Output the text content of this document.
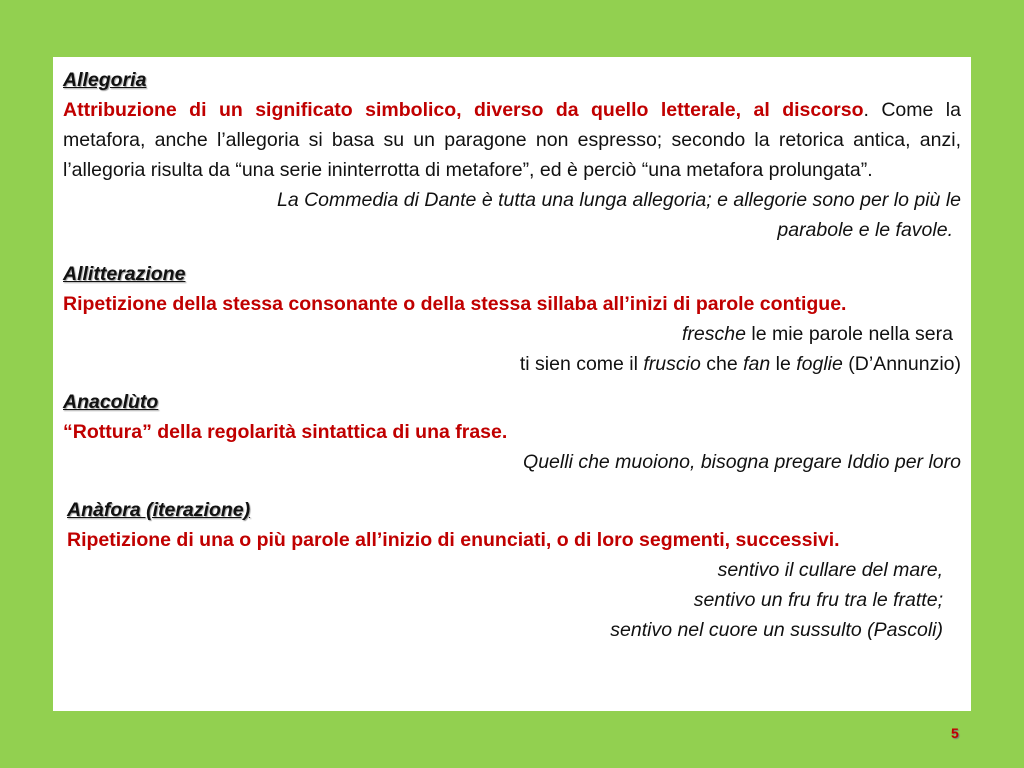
Allegoria
Attribuzione di un significato simbolico, diverso da quello letterale, al discorso. Come la metafora, anche l’allegoria si basa su un paragone non espresso; secondo la retorica antica, anzi, l’allegoria risulta da “una serie ininterrotta di metafore”, ed è perciò “una metafora prolungata”.
La Commedia di Dante è tutta una lunga allegoria; e allegorie sono per lo più le
parabole e le favole.
Allitterazione
Ripetizione della stessa consonante o della stessa sillaba all’inizi di parole contigue.
fresche le mie parole nella sera
ti sien come il fruscio che fan le foglie (D’Annunzio)
Anacolùto
“Rottura” della regolarità sintattica di una frase.
Quelli che muoiono, bisogna pregare Iddio per loro
Anàfora (iterazione)
Ripetizione di una o più parole all’inizio di enunciati, o di loro segmenti, successivi.
sentivo il cullare del mare,
sentivo un fru fru tra le fratte;
sentivo nel cuore un sussulto (Pascoli)
5
